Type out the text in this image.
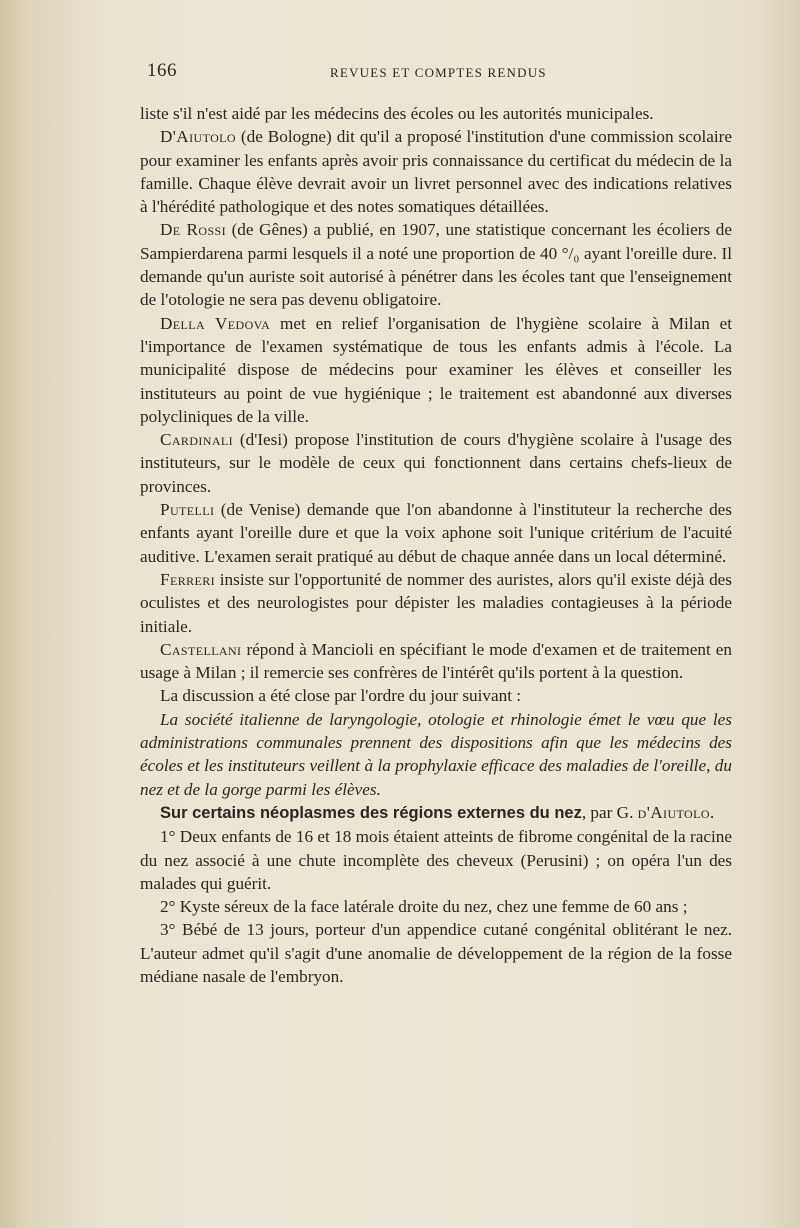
166	REVUES ET COMPTES RENDUS

liste s'il n'est aidé par les médecins des écoles ou les autorités municipales.

D'Aiutolo (de Bologne) dit qu'il a proposé l'institution d'une commission scolaire pour examiner les enfants après avoir pris connaissance du certificat du médecin de la famille. Chaque élève devrait avoir un livret personnel avec des indications relatives à l'hérédité pathologique et des notes somatiques détaillées.

De Rossi (de Gênes) a publié, en 1907, une statistique concernant les écoliers de Sampierdarena parmi lesquels il a noté une proportion de 40 °/₀ ayant l'oreille dure. Il demande qu'un auriste soit autorisé à pénétrer dans les écoles tant que l'enseignement de l'otologie ne sera pas devenu obligatoire.

Della Vedova met en relief l'organisation de l'hygiène scolaire à Milan et l'importance de l'examen systématique de tous les enfants admis à l'école. La municipalité dispose de médecins pour examiner les élèves et conseiller les instituteurs au point de vue hygiénique ; le traitement est abandonné aux diverses polycliniques de la ville.

Cardinali (d'Iesi) propose l'institution de cours d'hygiène scolaire à l'usage des instituteurs, sur le modèle de ceux qui fonctionnent dans certains chefs-lieux de provinces.

Putelli (de Venise) demande que l'on abandonne à l'instituteur la recherche des enfants ayant l'oreille dure et que la voix aphone soit l'unique critérium de l'acuité auditive. L'examen serait pratiqué au début de chaque année dans un local déterminé.

Ferreri insiste sur l'opportunité de nommer des auristes, alors qu'il existe déjà des oculistes et des neurologistes pour dépister les maladies contagieuses à la période initiale.

Castellani répond à Mancioli en spécifiant le mode d'examen et de traitement en usage à Milan ; il remercie ses confrères de l'intérêt qu'ils portent à la question.

La discussion a été close par l'ordre du jour suivant :

La société italienne de laryngologie, otologie et rhinologie émet le vœu que les administrations communales prennent des dispositions afin que les médecins des écoles et les instituteurs veillent à la prophylaxie efficace des maladies de l'oreille, du nez et de la gorge parmi les élèves.

Sur certains néoplasmes des régions externes du nez, par G. d'Aiutolo.

1° Deux enfants de 16 et 18 mois étaient atteints de fibrome congénital de la racine du nez associé à une chute incomplète des cheveux (Perusini) ; on opéra l'un des malades qui guérit.

2° Kyste séreux de la face latérale droite du nez, chez une femme de 60 ans ;

3° Bébé de 13 jours, porteur d'un appendice cutané congénital oblitérant le nez. L'auteur admet qu'il s'agit d'une anomalie de développement de la région de la fosse médiane nasale de l'embryon.
